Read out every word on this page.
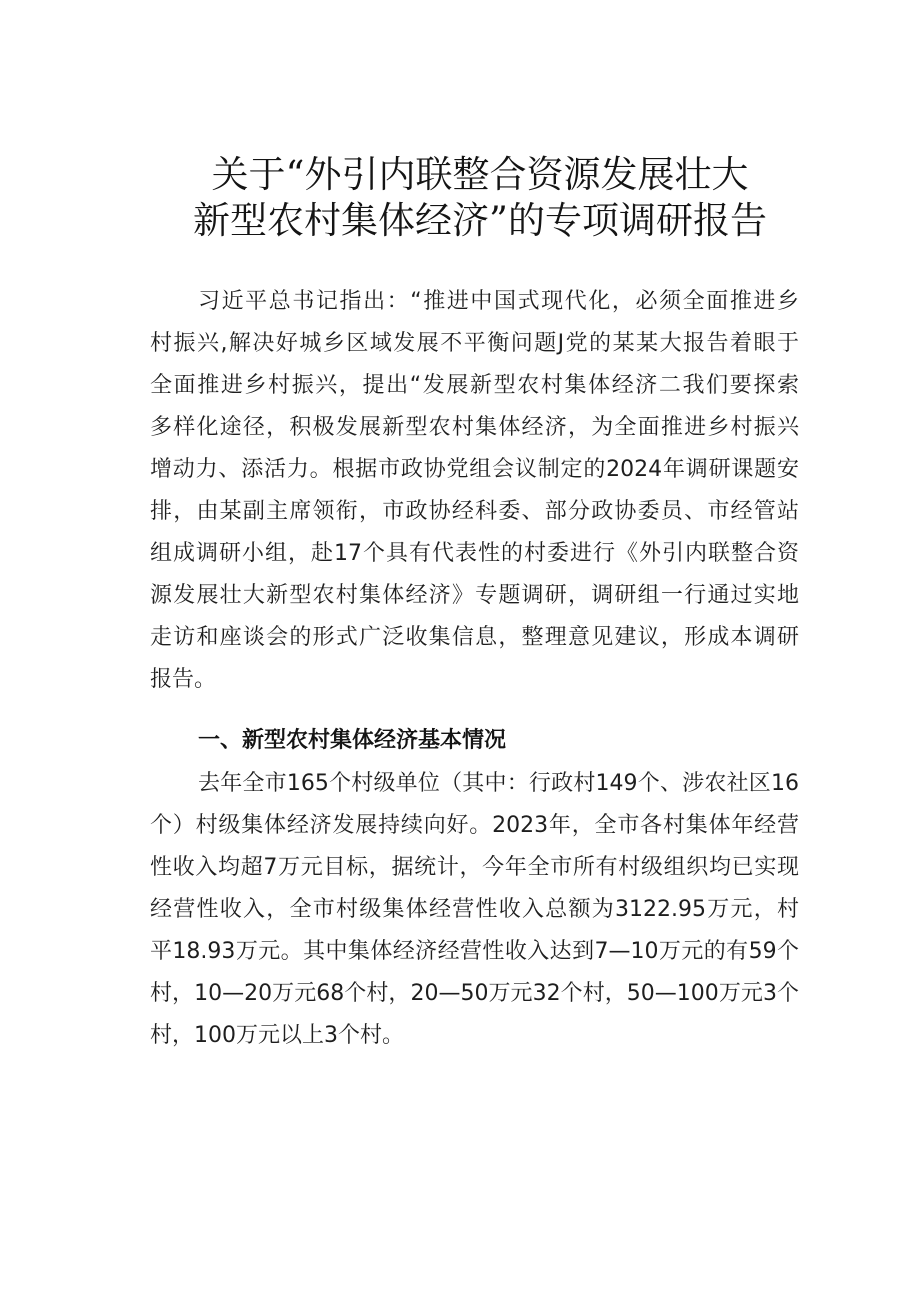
关于“外引内联整合资源发展壮大
新型农村集体经济”的专项调研报告
习近平总书记指出：“推进中国式现代化，必须全面推进乡
村振兴,解决好城乡区域发展不平衡问题J党的某某大报告着眼于
全面推进乡村振兴，提出“发展新型农村集体经济二我们要探索
多样化途径，积极发展新型农村集体经济，为全面推进乡村振兴
增动力、添活力。根据市政协党组会议制定的2024年调研课题安
排，由某副主席领衔，市政协经科委、部分政协委员、市经管站
组成调研小组，赴17个具有代表性的村委进行《外引内联整合资
源发展壮大新型农村集体经济》专题调研，调研组一行通过实地
走访和座谈会的形式广泛收集信息，整理意见建议，形成本调研
报告。
一、新型农村集体经济基本情况
去年全市165个村级单位（其中：行政村149个、涉农社区16
个）村级集体经济发展持续向好。2023年，全市各村集体年经营
性收入均超7万元目标，据统计，今年全市所有村级组织均已实现
经营性收入，全市村级集体经营性收入总额为3122.95万元，村
平18.93万元。其中集体经济经营性收入达到7—10万元的有59个
村，10—20万元68个村，20—50万元32个村，50—100万元3个
村，100万元以上3个村。
